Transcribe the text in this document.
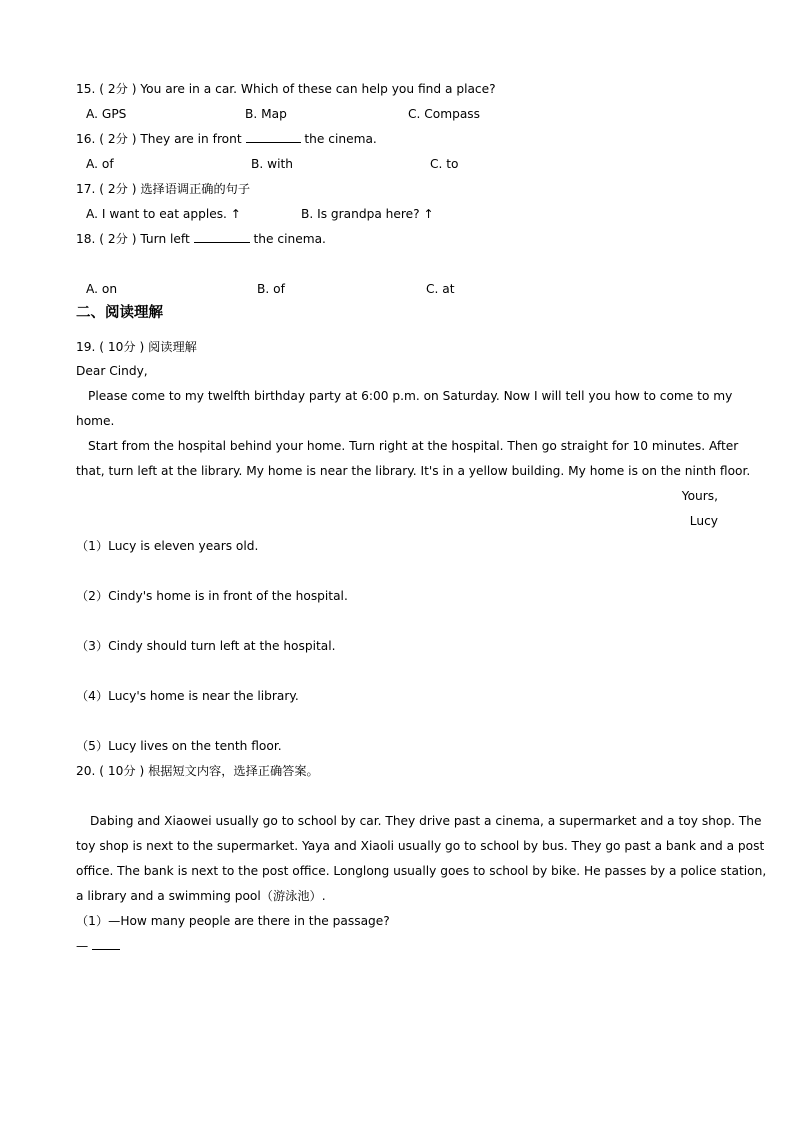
15. ( 2分 ) You are in a car. Which of these can help you find a place?
A. GPS	B. Map	C. Compass
16. ( 2分 ) They are in front	the cinema.
A. of	B. with	C. to
17. ( 2分 ) 选择语调正确的句子
A. I want to eat apples. ↑	B. Is grandpa here? ↑
18. ( 2分 ) Turn left	the cinema.
A. on	B. of	C. at
二、阅读理解
19. ( 10分 ) 阅读理解
Dear Cindy,
Please come to my twelfth birthday party at 6:00 p.m. on Saturday. Now I will tell you how to come to my
home.
Start from the hospital behind your home. Turn right at the hospital. Then go straight for 10 minutes. After
that, turn left at the library. My home is near the library. It's in a yellow building. My home is on the ninth floor.
Yours,
Lucy
（1）Lucy is eleven years old.
（2）Cindy's home is in front of the hospital.
（3）Cindy should turn left at the hospital.
（4）Lucy's home is near the library.
（5）Lucy lives on the tenth floor.
20. ( 10分 ) 根据短文内容，选择正确答案。
Dabing and Xiaowei usually go to school by car. They drive past a cinema, a supermarket and a toy shop. The
toy shop is next to the supermarket. Yaya and Xiaoli usually go to school by bus. They go past a bank and a post
office. The bank is next to the post office. Longlong usually goes to school by bike. He passes by a police station,
a library and a swimming pool（游泳池）.
（1）—How many people are there in the passage?
—
